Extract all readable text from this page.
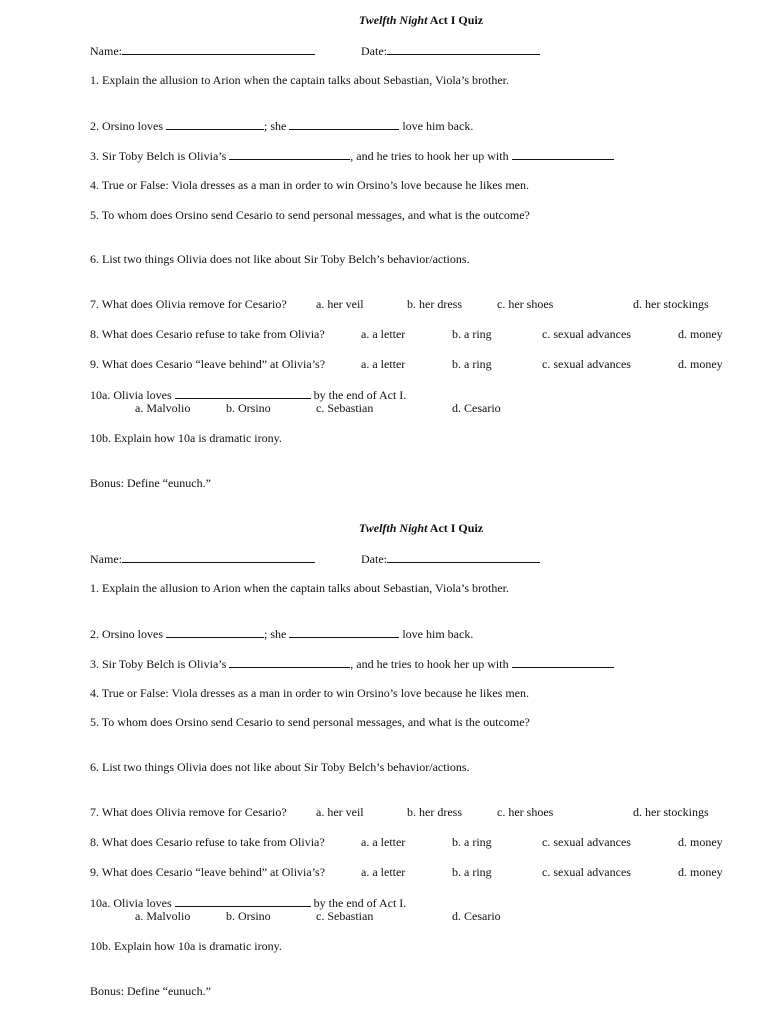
Twelfth Night Act I Quiz
Name:	Date:
1. Explain the allusion to Arion when the captain talks about Sebastian, Viola’s brother.
2. Orsino loves	; she	love him back.
3. Sir Toby Belch is Olivia’s	, and he tries to hook her up with
4. True or False: Viola dresses as a man in order to win Orsino’s love because he likes men.
5. To whom does Orsino send Cesario to send personal messages, and what is the outcome?
6. List two things Olivia does not like about Sir Toby Belch’s behavior/actions.
7. What does Olivia remove for Cesario? a. her veil	b. her dress	c. her shoes	d. her stockings
8. What does Cesario refuse to take from Olivia?	a. a letter	b. a ring	c. sexual advances	d. money
9. What does Cesario “leave behind” at Olivia’s?	a. a letter	b. a ring	c. sexual advances	d. money
10a. Olivia loves	by the end of Act I.
a. Malvolio	b. Orsino	c. Sebastian	d. Cesario
10b. Explain how 10a is dramatic irony.
Bonus: Define “eunuch.”
Twelfth Night Act I Quiz
Name:	Date:
1. Explain the allusion to Arion when the captain talks about Sebastian, Viola’s brother.
2. Orsino loves	; she	love him back.
3. Sir Toby Belch is Olivia’s	, and he tries to hook her up with
4. True or False: Viola dresses as a man in order to win Orsino’s love because he likes men.
5. To whom does Orsino send Cesario to send personal messages, and what is the outcome?
6. List two things Olivia does not like about Sir Toby Belch’s behavior/actions.
7. What does Olivia remove for Cesario? a. her veil	b. her dress	c. her shoes	d. her stockings
8. What does Cesario refuse to take from Olivia?	a. a letter	b. a ring	c. sexual advances	d. money
9. What does Cesario “leave behind” at Olivia’s?	a. a letter	b. a ring	c. sexual advances	d. money
10a. Olivia loves	by the end of Act I.
a. Malvolio	b. Orsino	c. Sebastian	d. Cesario
10b. Explain how 10a is dramatic irony.
Bonus: Define “eunuch.”
